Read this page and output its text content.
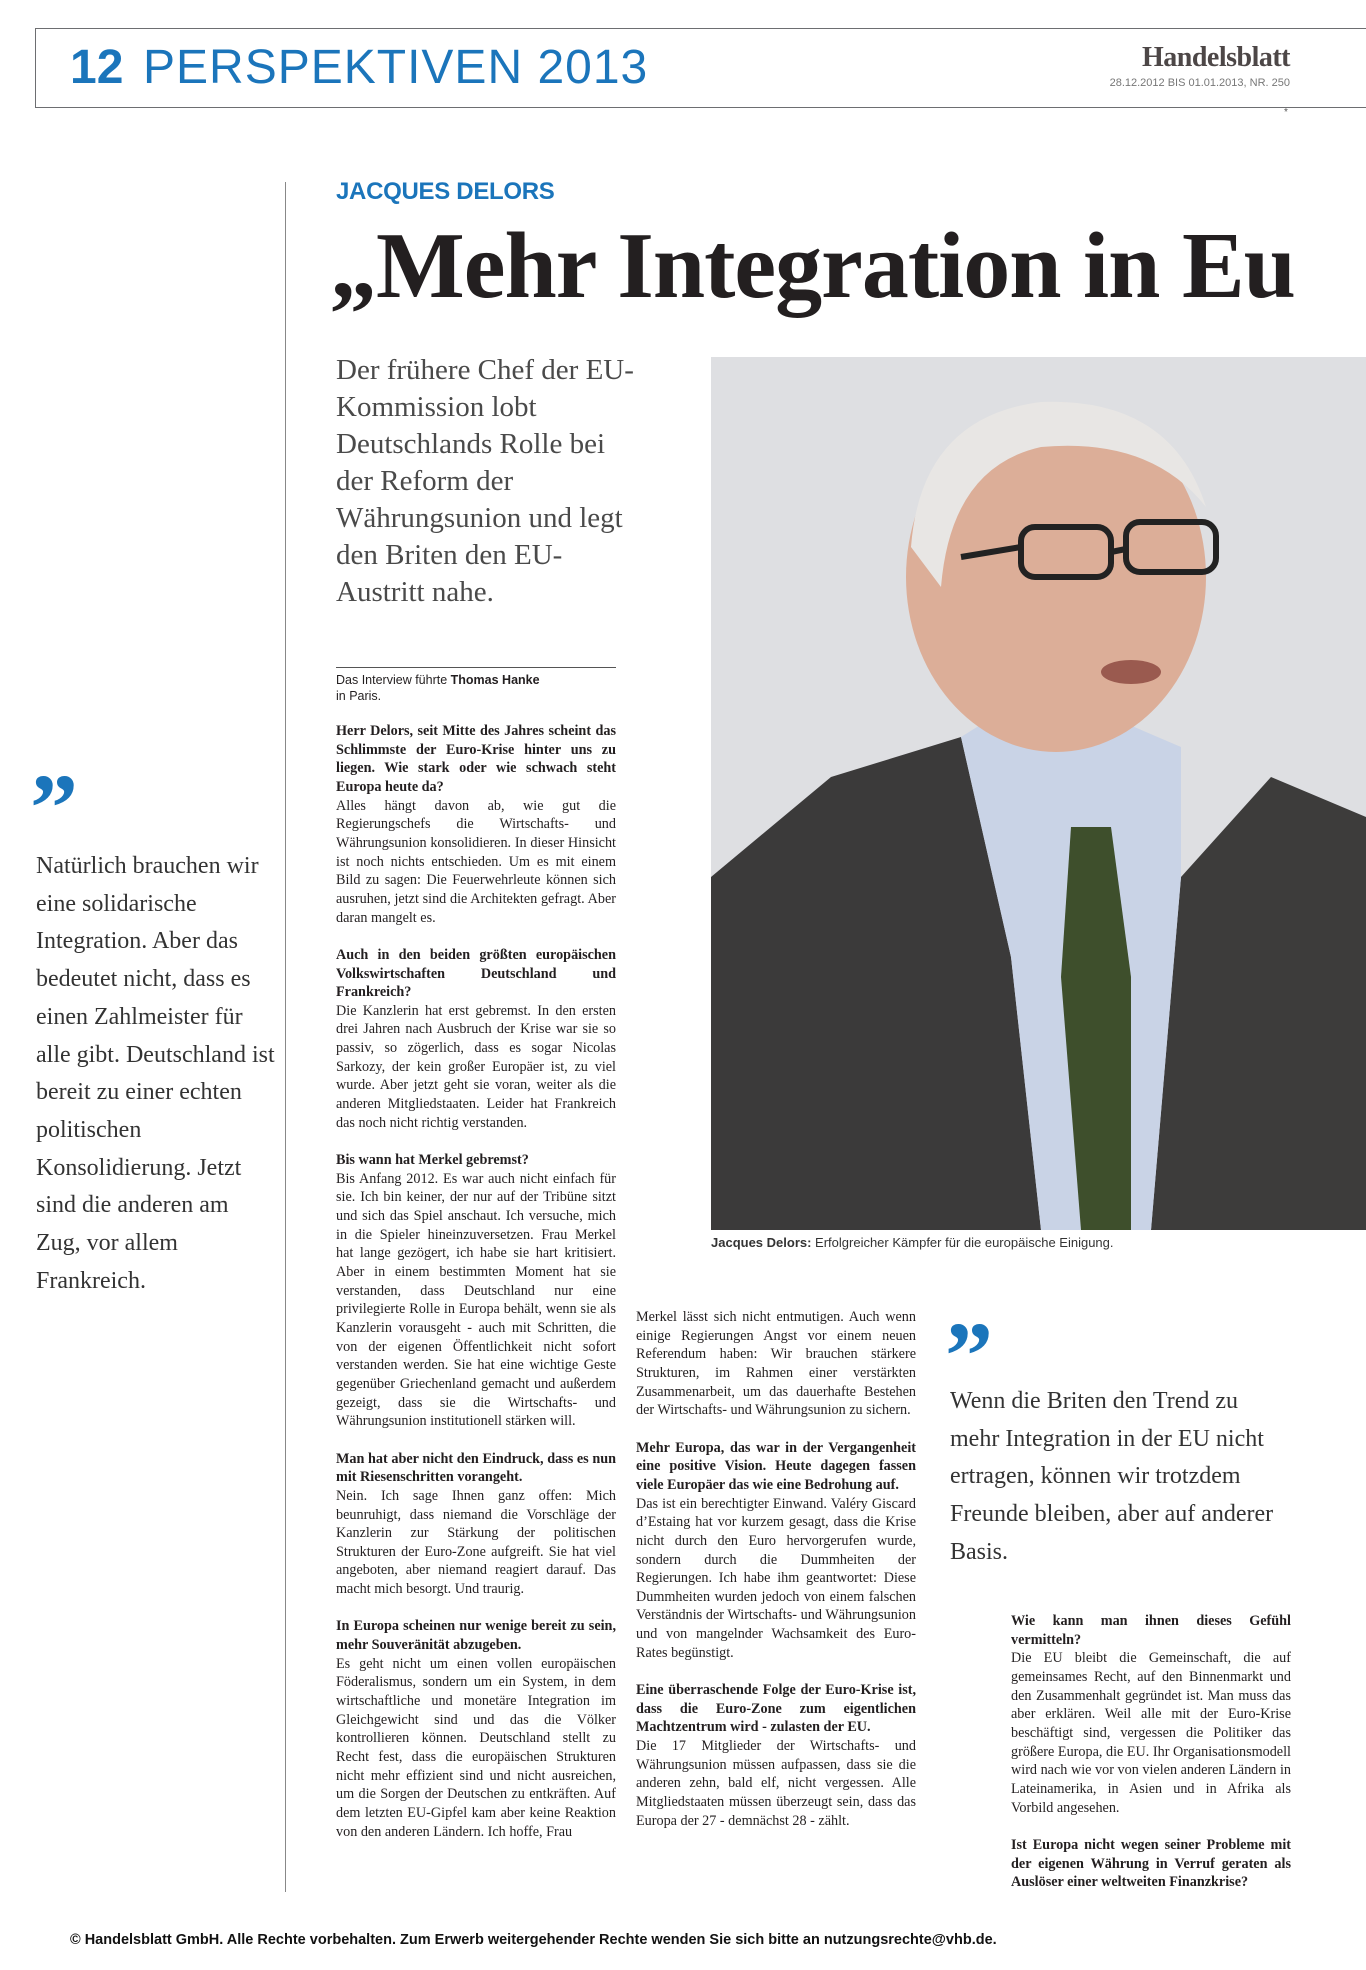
12 PERSPEKTIVEN 2013	Handelsblatt
28.12.2012 BIS 01.01.2013, NR. 250
*
JACQUES DELORS
„Mehr Integration in Eu
Der frühere Chef der EU-Kommission lobt Deutschlands Rolle bei der Reform der Währungsunion und legt den Briten den EU-Austritt nahe.
Jacques Delors: Erfolgreicher Kämpfer für die europäische Einigung.
”
Natürlich brauchen wir eine solidarische Integration. Aber das bedeutet nicht, dass es einen Zahlmeister für alle gibt. Deutschland ist bereit zu einer echten politischen Konsolidierung. Jetzt sind die anderen am Zug, vor allem Frankreich.
”
Wenn die Briten den Trend zu mehr Integration in der EU nicht ertragen, können wir trotzdem Freunde bleiben, aber auf anderer Basis.
Das Interview führte Thomas Hanke
in Paris.

Herr Delors, seit Mitte des Jahres scheint das Schlimmste der Euro-Krise hinter uns zu liegen. Wie stark oder wie schwach steht Europa heute da?
Alles hängt davon ab, wie gut die Regierungschefs die Wirtschafts- und Währungsunion konsolidieren. In dieser Hinsicht ist noch nichts entschieden. Um es mit einem Bild zu sagen: Die Feuerwehrleute können sich ausruhen, jetzt sind die Architekten gefragt. Aber daran mangelt es.

Auch in den beiden größten europäischen Volkswirtschaften Deutschland und Frankreich?
Die Kanzlerin hat erst gebremst. In den ersten drei Jahren nach Ausbruch der Krise war sie so passiv, so zögerlich, dass es sogar Nicolas Sarkozy, der kein großer Europäer ist, zu viel wurde. Aber jetzt geht sie voran, weiter als die anderen Mitgliedstaaten. Leider hat Frankreich das noch nicht richtig verstanden.

Bis wann hat Merkel gebremst?
Bis Anfang 2012. Es war auch nicht einfach für sie. Ich bin keiner, der nur auf der Tribüne sitzt und sich das Spiel anschaut. Ich versuche, mich in die Spieler hineinzuversetzen. Frau Merkel hat lange gezögert, ich habe sie hart kritisiert. Aber in einem bestimmten Moment hat sie verstanden, dass Deutschland nur eine privilegierte Rolle in Europa behält, wenn sie als Kanzlerin vorausgeht - auch mit Schritten, die von der eigenen Öffentlichkeit nicht sofort verstanden werden. Sie hat eine wichtige Geste gegenüber Griechenland gemacht und außerdem gezeigt, dass sie die Wirtschafts- und Währungsunion institutionell stärken will.

Man hat aber nicht den Eindruck, dass es nun mit Riesenschritten vorangeht.
Nein. Ich sage Ihnen ganz offen: Mich beunruhigt, dass niemand die Vorschläge der Kanzlerin zur Stärkung der politischen Strukturen der Euro-Zone aufgreift. Sie hat viel angeboten, aber niemand reagiert darauf. Das macht mich besorgt. Und traurig.

In Europa scheinen nur wenige bereit zu sein, mehr Souveränität abzugeben.
Es geht nicht um einen vollen europäischen Föderalismus, sondern um ein System, in dem wirtschaftliche und monetäre Integration im Gleichgewicht sind und das die Völker kontrollieren können. Deutschland stellt zu Recht fest, dass die europäischen Strukturen nicht mehr effizient sind und nicht ausreichen, um die Sorgen der Deutschen zu entkräften. Auf dem letzten EU-Gipfel kam aber keine Reaktion von den anderen Ländern. Ich hoffe, Frau

Merkel lässt sich nicht entmutigen. Auch wenn einige Regierungen Angst vor einem neuen Referendum haben: Wir brauchen stärkere Strukturen, im Rahmen einer verstärkten Zusammenarbeit, um das dauerhafte Bestehen der Wirtschafts- und Währungsunion zu sichern.

Mehr Europa, das war in der Vergangenheit eine positive Vision. Heute dagegen fassen viele Europäer das wie eine Bedrohung auf.
Das ist ein berechtigter Einwand. Valéry Giscard d’Estaing hat vor kurzem gesagt, dass die Krise nicht durch den Euro hervorgerufen wurde, sondern durch die Dummheiten der Regierungen. Ich habe ihm geantwortet: Diese Dummheiten wurden jedoch von einem falschen Verständnis der Wirtschafts- und Währungsunion und von mangelnder Wachsamkeit des Euro-Rates begünstigt.

Eine überraschende Folge der Euro-Krise ist, dass die Euro-Zone zum eigentlichen Machtzentrum wird - zulasten der EU.
Die 17 Mitglieder der Wirtschafts- und Währungsunion müssen aufpassen, dass sie die anderen zehn, bald elf, nicht vergessen. Alle Mitgliedstaaten müssen überzeugt sein, dass das Europa der 27 - demnächst 28 - zählt.

Wie kann man ihnen dieses Gefühl vermitteln?
Die EU bleibt die Gemeinschaft, die auf gemeinsames Recht, auf den Binnenmarkt und den Zusammenhalt gegründet ist. Man muss das aber erklären. Weil alle mit der Euro-Krise beschäftigt sind, vergessen die Politiker das größere Europa, die EU. Ihr Organisationsmodell wird nach wie vor von vielen anderen Ländern in Lateinamerika, in Asien und in Afrika als Vorbild angesehen.

Ist Europa nicht wegen seiner Probleme mit der eigenen Währung in Verruf geraten als Auslöser einer weltweiten Finanzkrise?

© Handelsblatt GmbH. Alle Rechte vorbehalten. Zum Erwerb weitergehender Rechte wenden Sie sich bitte an nutzungsrechte@vhb.de.
